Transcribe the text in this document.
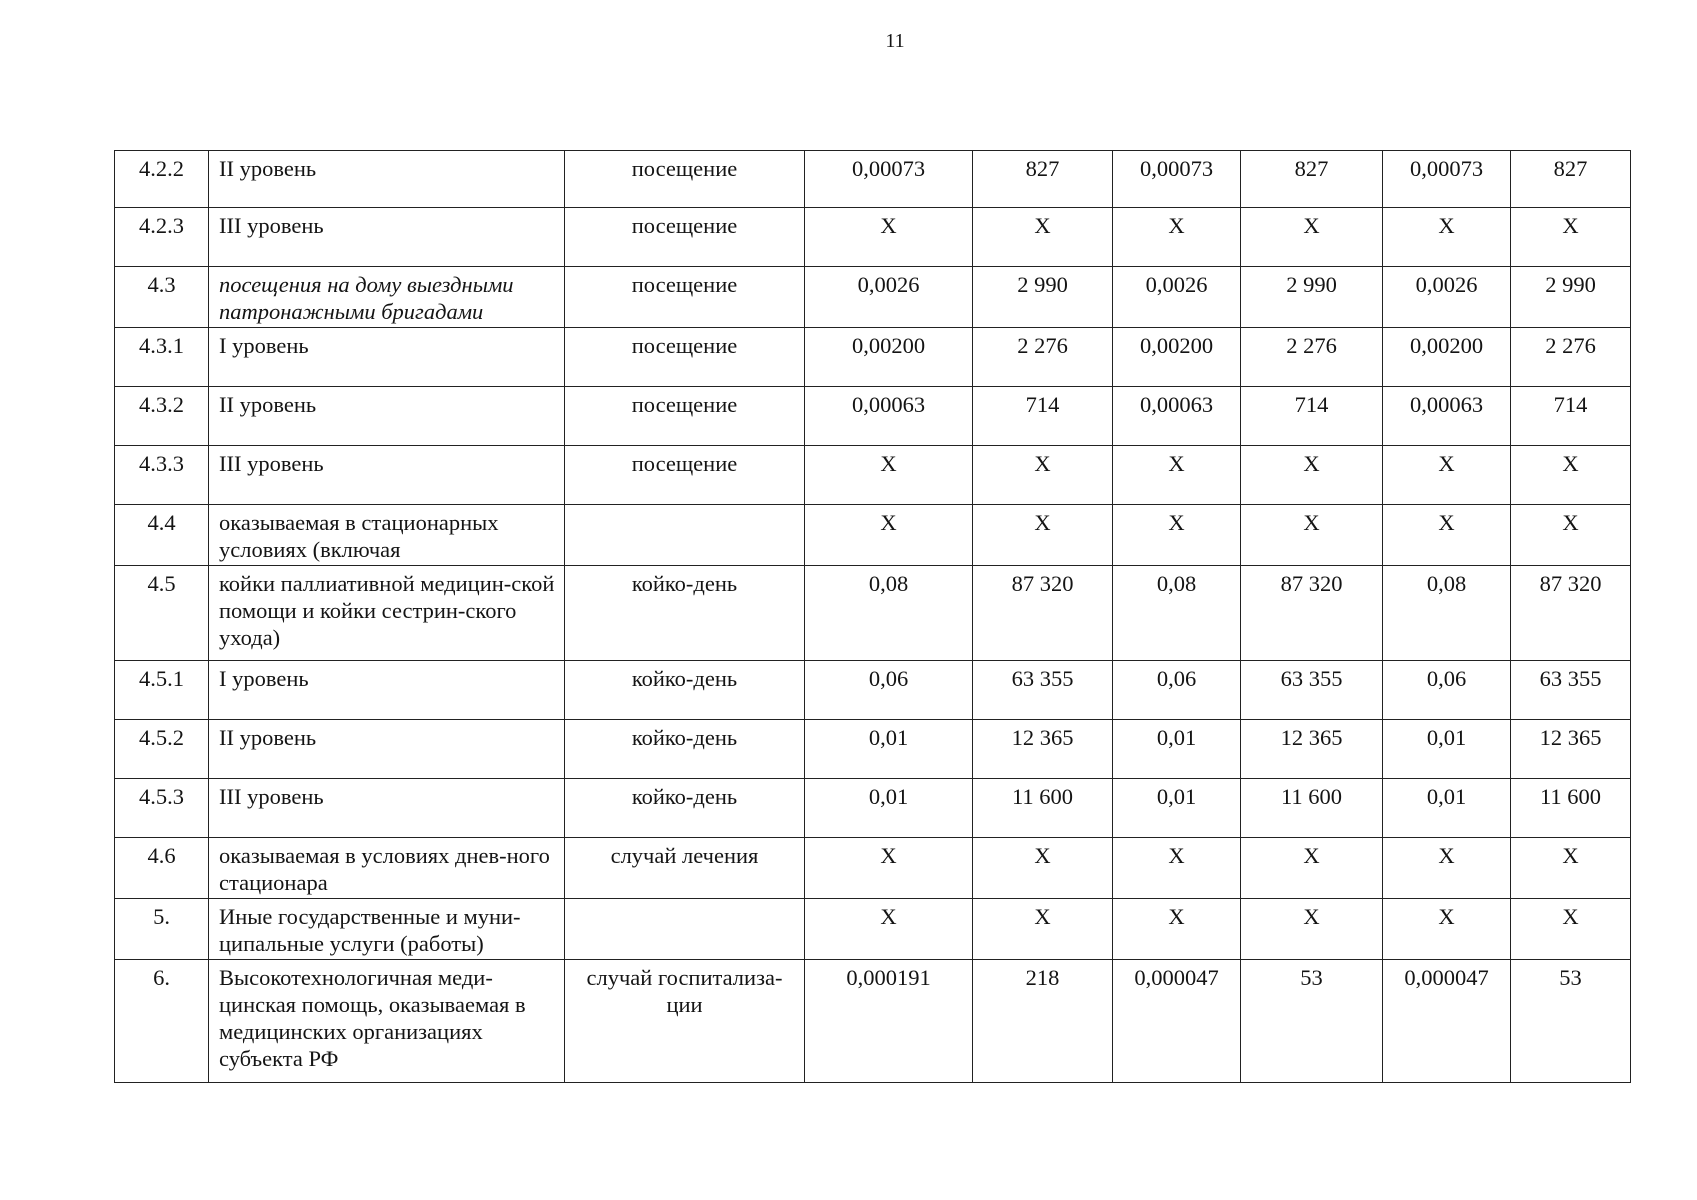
11
4.2.2	II уровень	посещение	0,00073	827	0,00073	827	0,00073	827
4.2.3	III уровень	посещение	Х	Х	Х	Х	Х	Х
4.3	посещения на дому выездными патронажными бригадами	посещение	0,0026	2 990	0,0026	2 990	0,0026	2 990
4.3.1	I уровень	посещение	0,00200	2 276	0,00200	2 276	0,00200	2 276
4.3.2	II уровень	посещение	0,00063	714	0,00063	714	0,00063	714
4.3.3	III уровень	посещение	Х	Х	Х	Х	Х	Х
4.4	оказываемая в стационарных условиях (включая		Х	Х	Х	Х	Х	Х
4.5	койки паллиативной медицин-ской помощи и койки сестрин-ского ухода)	койко-день	0,08	87 320	0,08	87 320	0,08	87 320
4.5.1	I уровень	койко-день	0,06	63 355	0,06	63 355	0,06	63 355
4.5.2	II уровень	койко-день	0,01	12 365	0,01	12 365	0,01	12 365
4.5.3	III уровень	койко-день	0,01	11 600	0,01	11 600	0,01	11 600
4.6	оказываемая в условиях днев-ного стационара	случай лечения	Х	Х	Х	Х	Х	Х
5.	Иные государственные и муни-ципальные услуги (работы)		Х	Х	Х	Х	Х	Х
6.	Высокотехнологичная меди-цинская помощь, оказываемая в медицинских организациях субъекта РФ	случай госпитализа-ции	0,000191	218	0,000047	53	0,000047	53
